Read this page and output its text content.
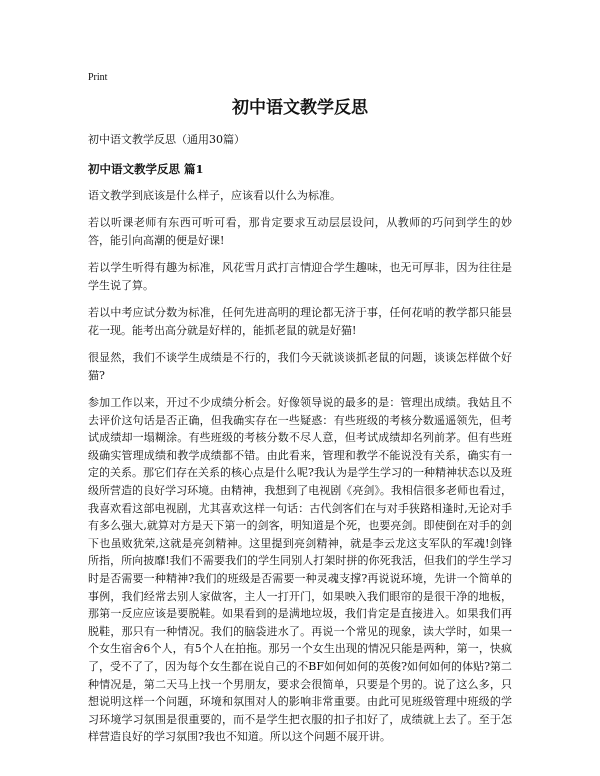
Print
初中语文教学反思
初中语文教学反思（通用30篇）
初中语文教学反思 篇1

语文教学到底该是什么样子，应该看以什么为标准。

若以听课老师有东西可听可看，那肯定要求互动层层设问，从教师的巧问到学生的妙答，能引向高潮的便是好课!

若以学生听得有趣为标准，风花雪月武打言情迎合学生趣味，也无可厚非，因为往往是学生说了算。

若以中考应试分数为标准，任何先进高明的理论都无济于事，任何花哨的教学都只能昙花一现。能考出高分就是好样的，能抓老鼠的就是好猫!

很显然，我们不谈学生成绩是不行的，我们今天就谈谈抓老鼠的问题，谈谈怎样做个好猫?

参加工作以来，开过不少成绩分析会。好像领导说的最多的是：管理出成绩。我姑且不去评价这句话是否正确，但我确实存在一些疑惑：有些班级的考核分数遥遥领先，但考试成绩却一塌糊涂。有些班级的考核分数不尽人意，但考试成绩却名列前茅。但有些班级确实管理成绩和教学成绩都不错。由此看来，管理和教学不能说没有关系，确实有一定的关系。那它们存在关系的核心点是什么呢?我认为是学生学习的一种精神状态以及班级所营造的良好学习环境。由精神，我想到了电视剧《亮剑》。我相信很多老师也看过，我喜欢看这部电视剧，尤其喜欢这样一句话：古代剑客们在与对手狭路相逢时,无论对手有多么强大,就算对方是天下第一的剑客，明知道是个死，也要亮剑。即使倒在对手的剑下也虽败犹荣,这就是亮剑精神。这里提到亮剑精神，就是李云龙这支军队的军魂!剑锋所指，所向披靡!我们不需要我们的学生同别人打架时拼的你死我活，但我们的学生学习时是否需要一种精神?我们的班级是否需要一种灵魂支撑?再说说环境，先讲一个简单的事例，我们经常去别人家做客，主人一打开门，如果映入我们眼帘的是很干净的地板，那第一反应应该是要脱鞋。如果看到的是满地垃圾，我们肯定是直接进入。如果我们再脱鞋，那只有一种情况。我们的脑袋进水了。再说一个常见的现象，读大学时，如果一个女生宿舍6个人，有5个人在拍拖。那另一个女生出现的情况只能是两种，第一，快疯了，受不了了，因为每个女生都在说自己的不BF如何如何的英俊?如何如何的体贴?第二种情况是，第二天马上找一个男朋友，要求会很简单，只要是个男的。说了这么多，只想说明这样一个问题，环境和氛围对人的影响非常重要。由此可见班级管理中班级的学习环境学习氛围是很重要的，而不是学生把衣服的扣子扣好了，成绩就上去了。至于怎样营造良好的学习氛围?我也不知道。所以这个问题不展开讲。
